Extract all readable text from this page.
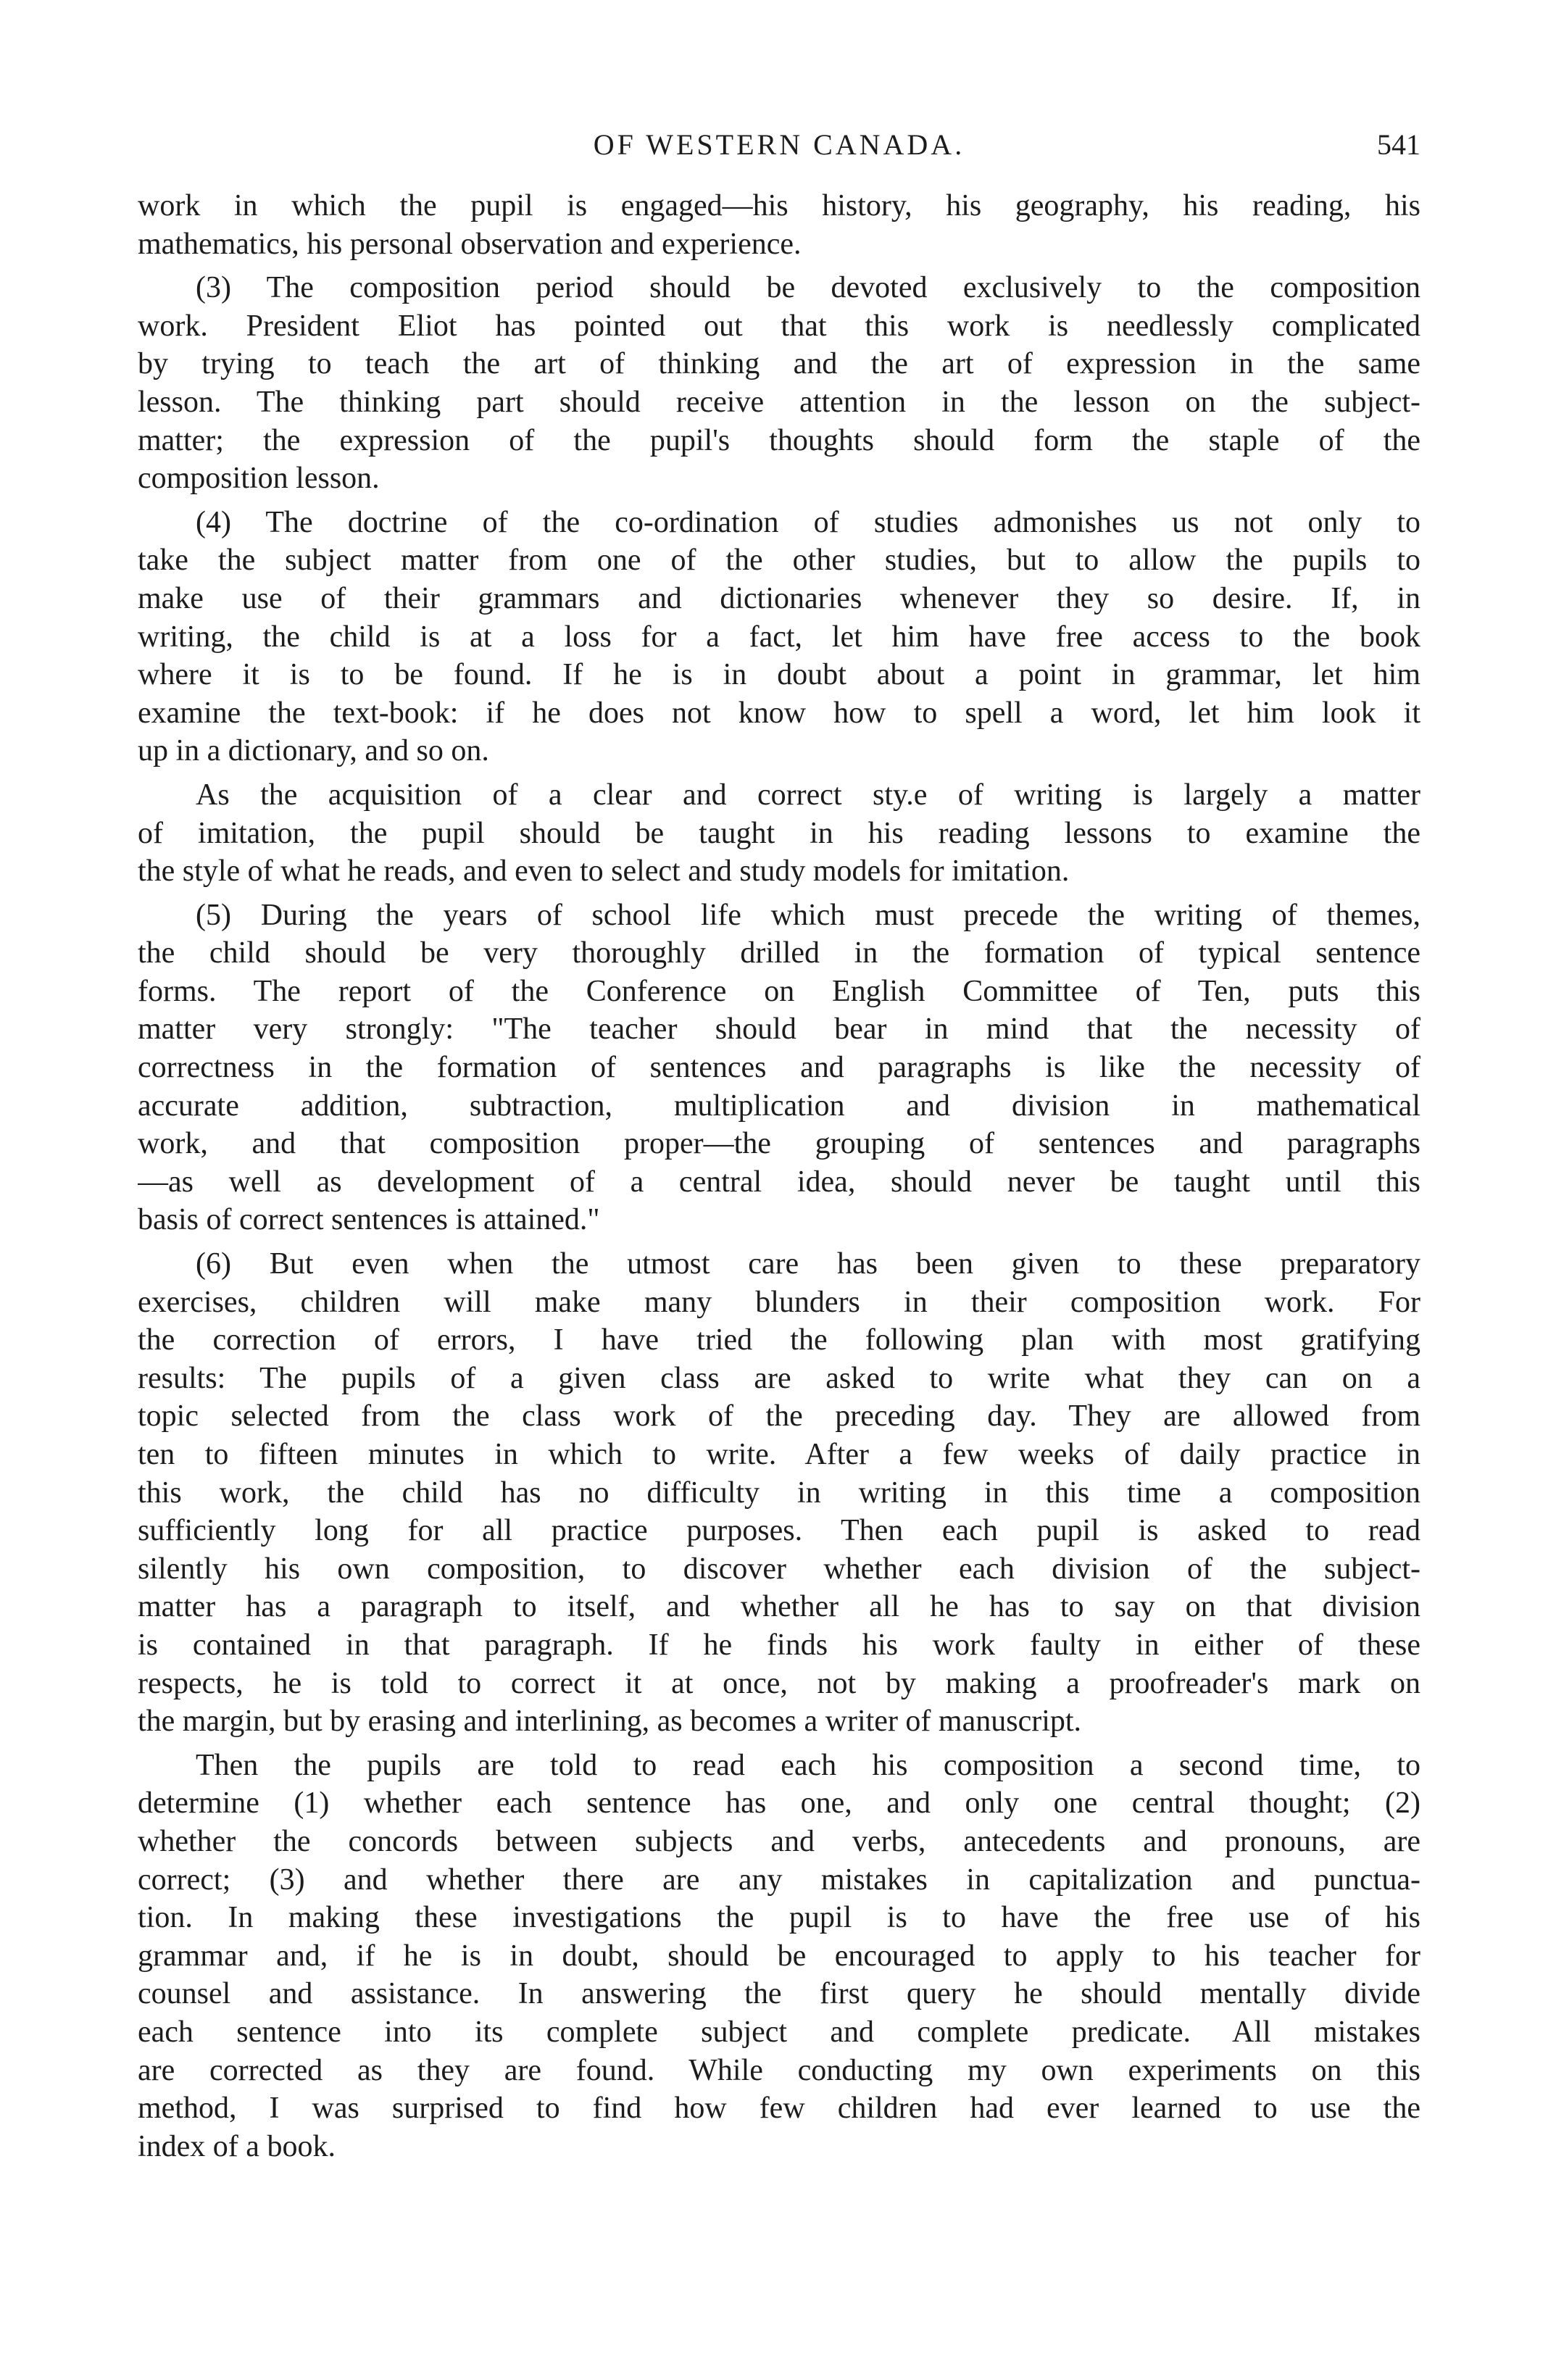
OF WESTERN CANADA.	541
work in which the pupil is engaged—his history, his geography, his reading, his
mathematics, his personal observation and experience.
(3) The composition period should be devoted exclusively to the composition
work. President Eliot has pointed out that this work is needlessly complicated
by trying to teach the art of thinking and the art of expression in the same
lesson. The thinking part should receive attention in the lesson on the subject-
matter; the expression of the pupil's thoughts should form the staple of the
composition lesson.
(4) The doctrine of the co-ordination of studies admonishes us not only to
take the subject matter from one of the other studies, but to allow the pupils to
make use of their grammars and dictionaries whenever they so desire. If, in
writing, the child is at a loss for a fact, let him have free access to the book
where it is to be found. If he is in doubt about a point in grammar, let him
examine the text-book: if he does not know how to spell a word, let him look it
up in a dictionary, and so on.
As the acquisition of a clear and correct sty.e of writing is largely a matter
of imitation, the pupil should be taught in his reading lessons to examine the
the style of what he reads, and even to select and study models for imitation.
(5) During the years of school life which must precede the writing of themes,
the child should be very thoroughly drilled in the formation of typical sentence
forms. The report of the Conference on English Committee of Ten, puts this
matter very strongly: "The teacher should bear in mind that the necessity of
correctness in the formation of sentences and paragraphs is like the necessity of
accurate addition, subtraction, multiplication and division in mathematical
work, and that composition proper—the grouping of sentences and paragraphs
—as well as development of a central idea, should never be taught until this
basis of correct sentences is attained."
(6) But even when the utmost care has been given to these preparatory
exercises, children will make many blunders in their composition work. For
the correction of errors, I have tried the following plan with most gratifying
results: The pupils of a given class are asked to write what they can on a
topic selected from the class work of the preceding day. They are allowed from
ten to fifteen minutes in which to write. After a few weeks of daily practice in
this work, the child has no difficulty in writing in this time a composition
sufficiently long for all practice purposes. Then each pupil is asked to read
silently his own composition, to discover whether each division of the subject-
matter has a paragraph to itself, and whether all he has to say on that division
is contained in that paragraph. If he finds his work faulty in either of these
respects, he is told to correct it at once, not by making a proofreader's mark on
the margin, but by erasing and interlining, as becomes a writer of manuscript.
Then the pupils are told to read each his composition a second time, to
determine (1) whether each sentence has one, and only one central thought; (2)
whether the concords between subjects and verbs, antecedents and pronouns, are
correct; (3) and whether there are any mistakes in capitalization and punctua-
tion. In making these investigations the pupil is to have the free use of his
grammar and, if he is in doubt, should be encouraged to apply to his teacher for
counsel and assistance. In answering the first query he should mentally divide
each sentence into its complete subject and complete predicate. All mistakes
are corrected as they are found. While conducting my own experiments on this
method, I was surprised to find how few children had ever learned to use the
index of a book.
